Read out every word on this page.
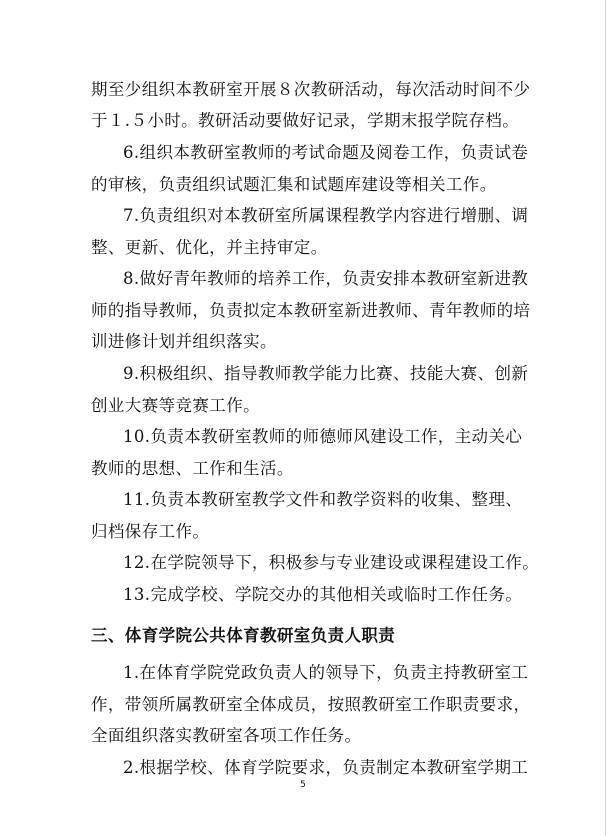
期至少组织本教研室开展８次教研活动，每次活动时间不少
于１.５小时。教研活动要做好记录，学期末报学院存档。
6.组织本教研室教师的考试命题及阅卷工作，负责试卷
的审核，负责组织试题汇集和试题库建设等相关工作。
7.负责组织对本教研室所属课程教学内容进行增删、调
整、更新、优化，并主持审定。
8.做好青年教师的培养工作，负责安排本教研室新进教
师的指导教师，负责拟定本教研室新进教师、青年教师的培
训进修计划并组织落实。
9.积极组织、指导教师教学能力比赛、技能大赛、创新
创业大赛等竞赛工作。
10.负责本教研室教师的师德师风建设工作，主动关心
教师的思想、工作和生活。
11.负责本教研室教学文件和教学资料的收集、整理、
归档保存工作。
12.在学院领导下，积极参与专业建设或课程建设工作。
13.完成学校、学院交办的其他相关或临时工作任务。
三、体育学院公共体育教研室负责人职责
1.在体育学院党政负责人的领导下，负责主持教研室工
作，带领所属教研室全体成员，按照教研室工作职责要求，
全面组织落实教研室各项工作任务。
2.根据学校、体育学院要求，负责制定本教研室学期工
5
